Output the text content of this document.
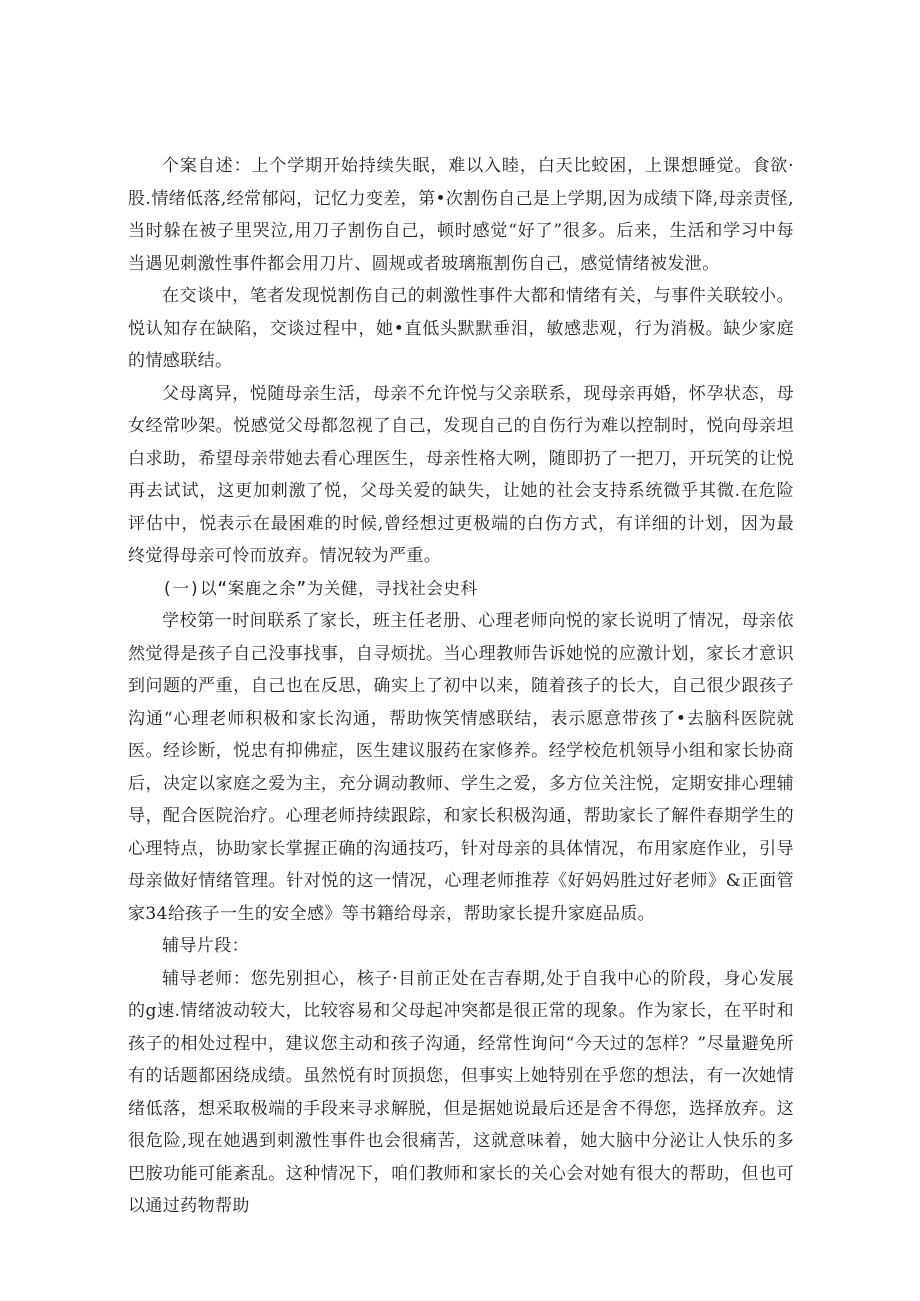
个案自述：上个学期开始持续失眠，难以入睦，白天比蛟困，上课想睡觉。食欲·股.情绪低落,经常郁闷，记忆力变差，第•次割伤自己是上学期,因为成绩下降,母亲责怪,当时躲在被子里哭泣,用刀子割伤自己，顿时感觉“好了”很多。后来，生活和学习中每当遇见刺激性事件都会用刀片、圆规或者玻璃瓶割伤自己，感觉情绪被发泄。

在交谈中，笔者发现悦割伤自己的刺激性事件大都和情绪有关，与事件关联较小。悦认知存在缺陷，交谈过程中，她•直低头默默垂泪，敏感悲观，行为消极。缺少家庭的情感联结。

父母离异，悦随母亲生活，母亲不允许悦与父亲联系，现母亲再婚，怀孕状态，母女经常吵架。悦感觉父母都忽视了自己，发现自己的自伤行为难以控制时，悦向母亲坦白求助，希望母亲带她去看心理医生，母亲性格大咧，随即扔了一把刀，开玩笑的让悦再去试试，这更加刺激了悦，父母关爱的缺失，让她的社会支持系统微乎其微.在危险评估中，悦表示在最困难的时候,曾经想过更极端的白伤方式，有详细的计划，因为最终觉得母亲可怜而放弃。情况较为严重。

(一)以“案鹿之余”为关健，寻找社会史科

学校第一时间联系了家长，班主任老册、心理老师向悦的家长说明了情况，母亲依然觉得是孩子自己没事找事，自寻烦扰。当心理教师告诉她悦的应激计划，家长才意识到问题的严重，自己也在反思，确实上了初中以来，随着孩子的长大，自己很少跟孩子沟通“心理老师积极和家长沟通，帮助恢笑情感联结，表示愿意带孩了•去脑科医院就医。经诊断，悦忠有抑佛症，医生建议服药在家修养。经学校危机领导小组和家长协商后，决定以家庭之爱为主，充分调动教师、学生之爱，多方位关注悦，定期安排心理辅导，配合医院治疗。心理老师持续跟踪，和家长积极沟通，帮助家长了解件春期学生的心理特点，协助家长掌握正确的沟通技巧，针对母亲的具体情况，布用家庭作业，引导母亲做好情绪管理。针对悦的这一情况，心理老师推荐《好妈妈胜过好老师》&正面管家34给孩子一生的安全感》等书籍给母亲，帮助家长提升家庭品质。

辅导片段：

辅导老师：您先别担心，核子·目前正处在吉春期,处于自我中心的阶段，身心发展的g速.情绪波动较大，比较容易和父母起冲突都是很正常的现象。作为家长，在平时和孩子的相处过程中，建议您主动和孩子沟通，经常性询问“今天过的怎样？”尽量避免所有的话题都困绕成绩。虽然悦有时顶损您，但事实上她特别在乎您的想法，有一次她情绪低落，想采取极端的手段来寻求解脱，但是据她说最后还是舍不得您，选择放弃。这很危险,现在她遇到刺激性事件也会很痛苦，这就意味着，她大脑中分泌让人快乐的多巴胺功能可能紊乱。这种情况下，咱们教师和家长的关心会对她有很大的帮助，但也可以通过药物帮助
